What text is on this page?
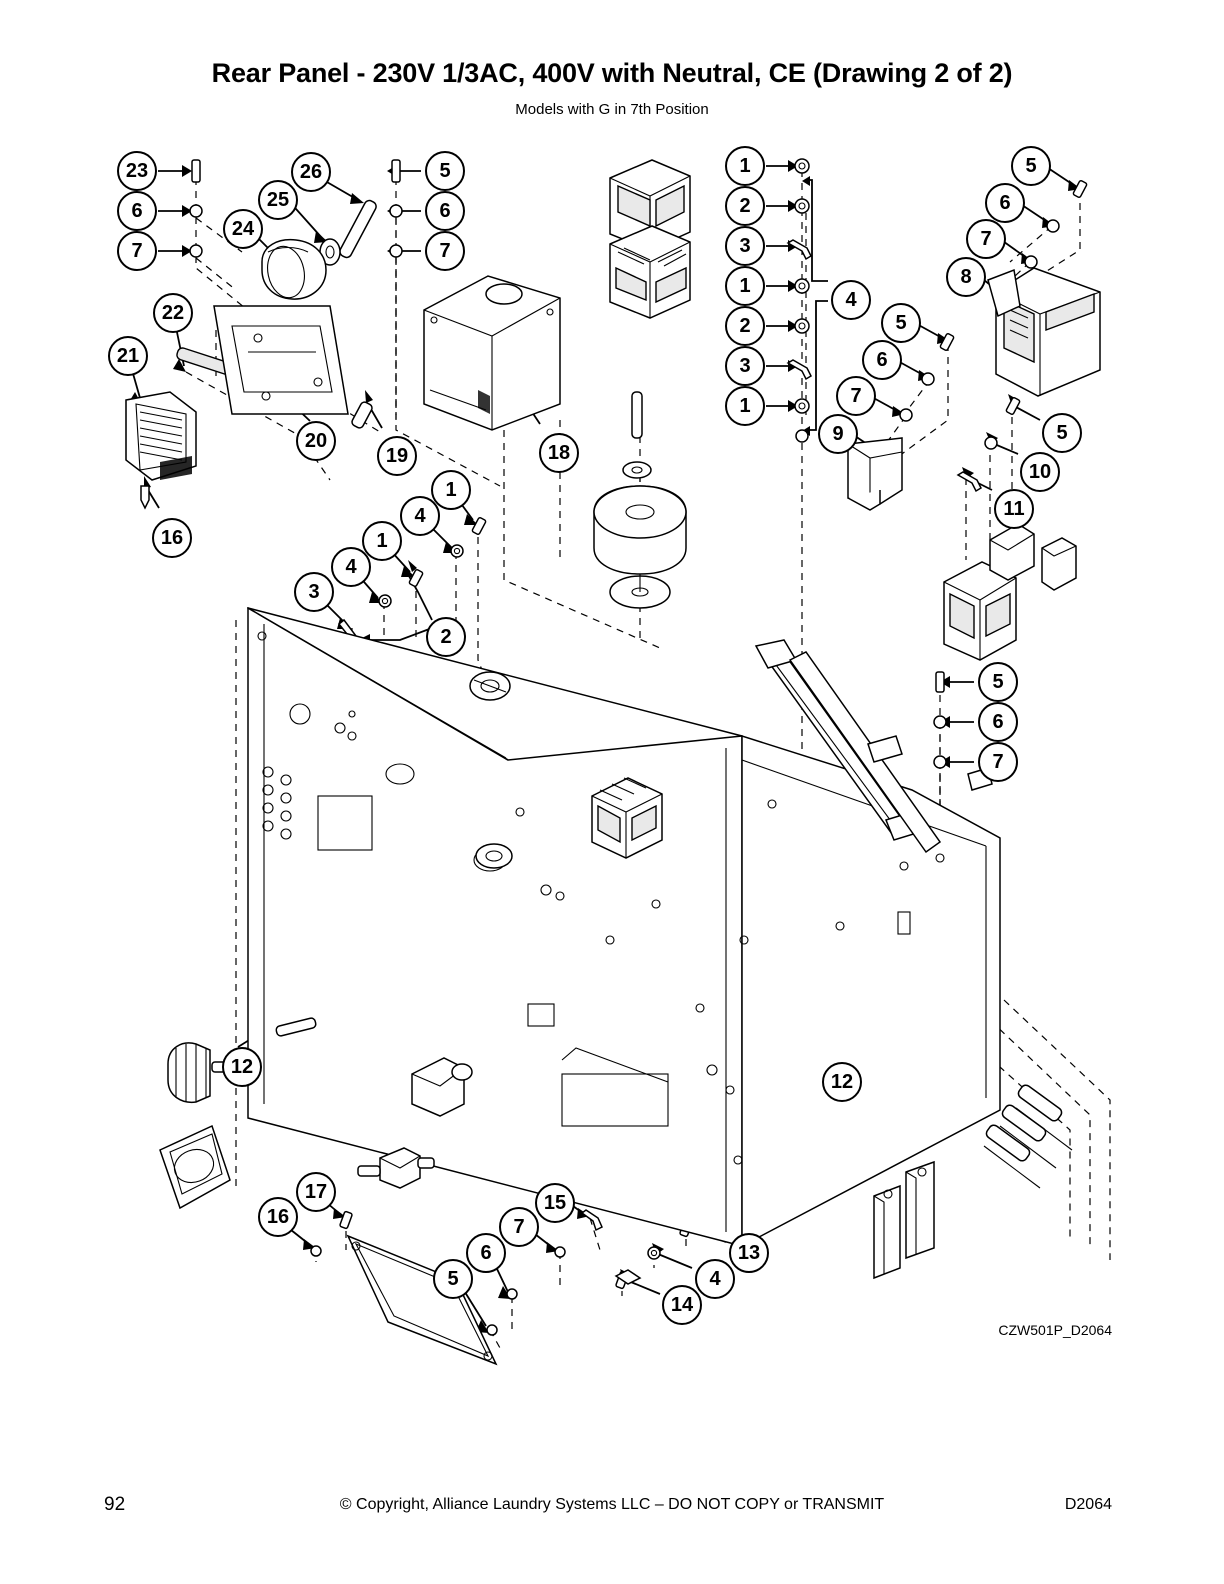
Rear Panel - 230V 1/3AC, 400V with Neutral, CE (Drawing 2 of 2)
Models with G in 7th Position
23
6
7
26
25
24
5
6
7
1
2
3
1
2
3
1
4
5
6
7
8
5
6
7
9
22
21
20
19	18
16
5
10
11
1
4
1
4
3
2
5
6
7
12
12
17
16
15
7
6
5
13
4
14
CZW501P_D2064
92	© Copyright, Alliance Laundry Systems LLC – DO NOT COPY or TRANSMIT	D2064
